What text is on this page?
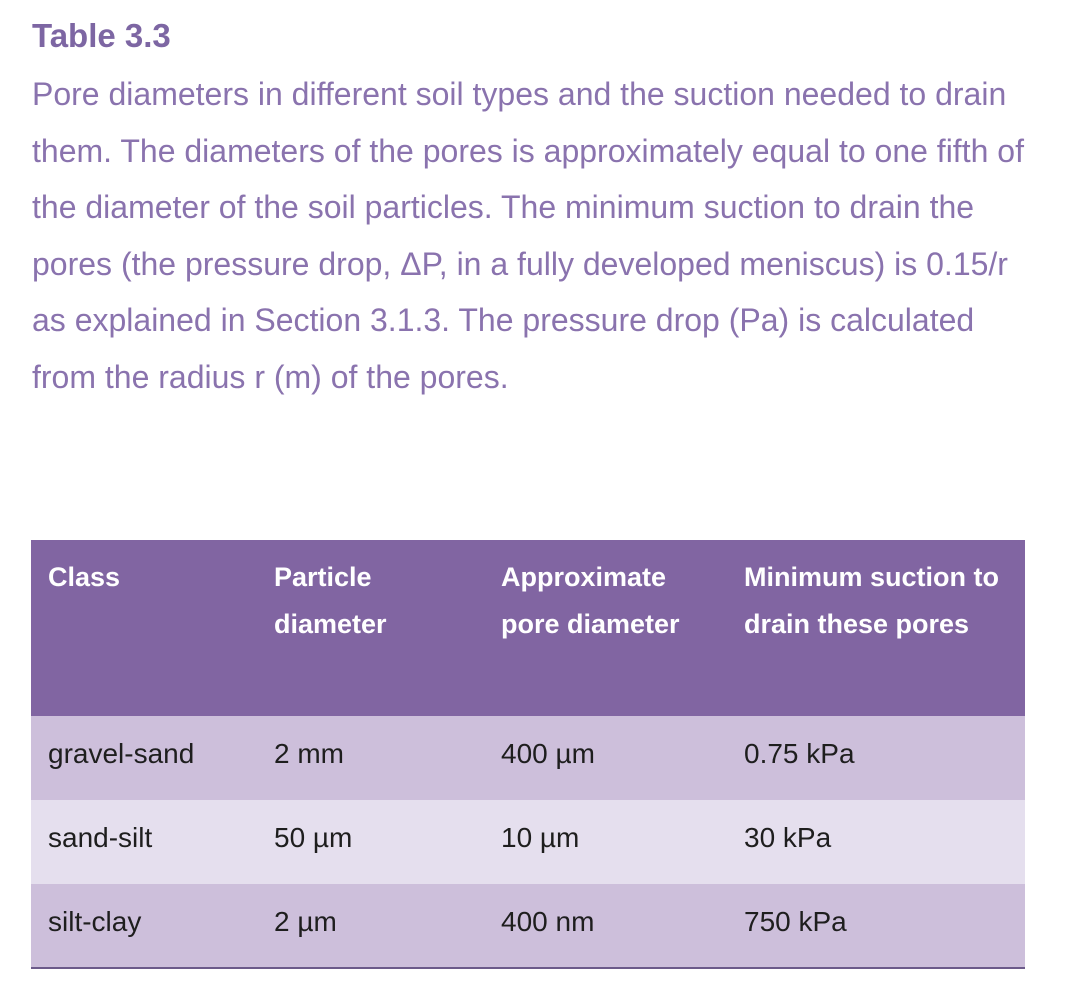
Table 3.3

Pore diameters in different soil types and the suction needed to drain them. The diameters of the pores is approximately equal to one fifth of the diameter of the soil particles. The minimum suction to drain the pores (the pressure drop, ΔP, in a fully developed meniscus) is 0.15/r as explained in Section 3.1.3. The pressure drop (Pa) is calculated from the radius r (m) of the pores.

Class	Particle diameter	Approximate pore diameter	Minimum suction to drain these pores
gravel-sand	2 mm	400 µm	0.75 kPa
sand-silt	50 µm	10 µm	30 kPa
silt-clay	2 µm	400 nm	750 kPa
